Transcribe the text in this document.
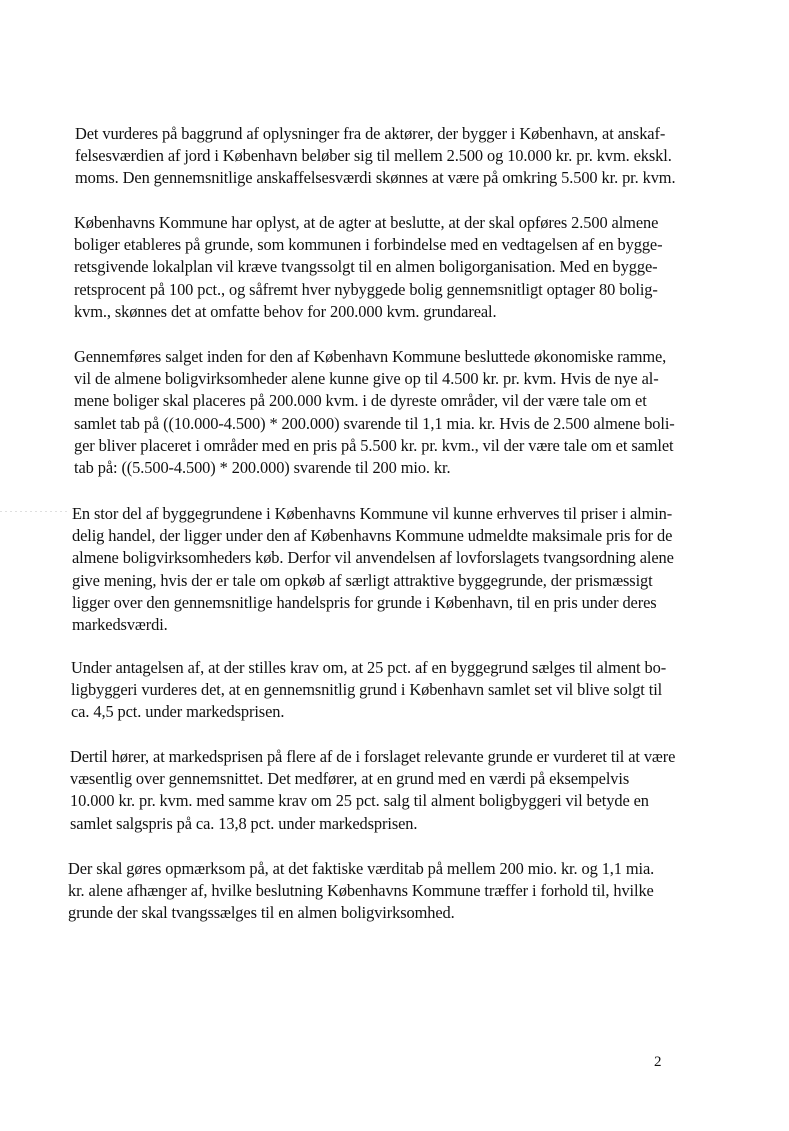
Det vurderes på baggrund af oplysninger fra de aktører, der bygger i København, at anskaf-
felsesværdien af jord i København beløber sig til mellem 2.500 og 10.000 kr. pr. kvm. ekskl.
moms. Den gennemsnitlige anskaffelsesværdi skønnes at være på omkring 5.500 kr. pr. kvm.

Københavns Kommune har oplyst, at de agter at beslutte, at der skal opføres 2.500 almene
boliger etableres på grunde, som kommunen i forbindelse med en vedtagelsen af en bygge-
retsgivende lokalplan vil kræve tvangssolgt til en almen boligorganisation. Med en bygge-
retsprocent på 100 pct., og såfremt hver nybyggede bolig gennemsnitligt optager 80 bolig-
kvm., skønnes det at omfatte behov for 200.000 kvm. grundareal.

Gennemføres salget inden for den af København Kommune besluttede økonomiske ramme,
vil de almene boligvirksomheder alene kunne give op til 4.500 kr. pr. kvm. Hvis de nye al-
mene boliger skal placeres på 200.000 kvm. i de dyreste områder, vil der være tale om et
samlet tab på ((10.000-4.500) * 200.000) svarende til 1,1 mia. kr. Hvis de 2.500 almene boli-
ger bliver placeret i områder med en pris på 5.500 kr. pr. kvm., vil der være tale om et samlet
tab på: ((5.500-4.500) * 200.000) svarende til 200 mio. kr.

En stor del af byggegrundene i Københavns Kommune vil kunne erhverves til priser i almin-
delig handel, der ligger under den af Københavns Kommune udmeldte maksimale pris for de
almene boligvirksomheders køb. Derfor vil anvendelsen af lovforslagets tvangsordning alene
give mening, hvis der er tale om opkøb af særligt attraktive byggegrunde, der prismæssigt
ligger over den gennemsnitlige handelspris for grunde i København, til en pris under deres
markedsværdi.

Under antagelsen af, at der stilles krav om, at 25 pct. af en byggegrund sælges til alment bo-
ligbyggeri vurderes det, at en gennemsnitlig grund i København samlet set vil blive solgt til
ca. 4,5 pct. under markedsprisen.

Dertil hører, at markedsprisen på flere af de i forslaget relevante grunde er vurderet til at være
væsentlig over gennemsnittet. Det medfører, at en grund med en værdi på eksempelvis
10.000 kr. pr. kvm. med samme krav om 25 pct. salg til alment boligbyggeri vil betyde en
samlet salgspris på ca. 13,8 pct. under markedsprisen.

Der skal gøres opmærksom på, at det faktiske værditab på mellem 200 mio. kr. og 1,1 mia.
kr. alene afhænger af, hvilke beslutning Københavns Kommune træffer i forhold til, hvilke
grunde der skal tvangssælges til en almen boligvirksomhed.

2
